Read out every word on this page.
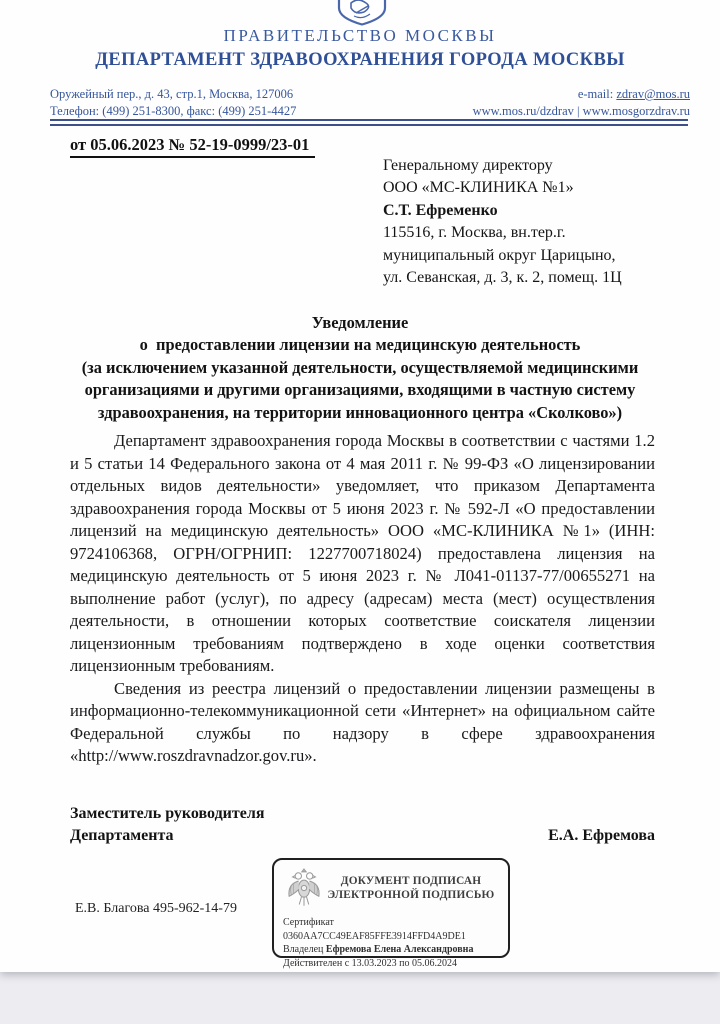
ПРАВИТЕЛЬСТВО МОСКВЫ
ДЕПАРТАМЕНТ ЗДРАВООХРАНЕНИЯ ГОРОДА МОСКВЫ
Оружейный пер., д. 43, стр.1, Москва, 127006
Телефон: (499) 251-8300, факс: (499) 251-4427
e-mail: zdrav@mos.ru
www.mos.ru/dzdrav | www.mosgorzdrav.ru
от 05.06.2023 № 52-19-0999/23-01
Генеральному директору
ООО «МС-КЛИНИКА №1»
С.Т. Ефременко
115516, г. Москва, вн.тер.г.
муниципальный округ Царицыно,
ул. Севанская, д. 3, к. 2, помещ. 1Ц
Уведомление
о  предоставлении лицензии на медицинскую деятельность
(за исключением указанной деятельности, осуществляемой медицинскими организациями и другими организациями, входящими в частную систему здравоохранения, на территории инновационного центра «Сколково»)

Департамент здравоохранения города Москвы в соответствии с частями 1.2 и 5 статьи 14 Федерального закона от 4 мая 2011 г. № 99-ФЗ «О лицензировании отдельных видов деятельности» уведомляет, что приказом Департамента здравоохранения города Москвы от 5 июня 2023 г. № 592-Л «О предоставлении лицензий на медицинскую деятельность» ООО «МС-КЛИНИКА №1» (ИНН: 9724106368, ОГРН/ОГРНИП: 1227700718024) предоставлена лицензия на медицинскую деятельность от 5 июня 2023 г. № Л041-01137-77/00655271 на выполнение работ (услуг), по адресу (адресам) места (мест) осуществления деятельности, в отношении которых соответствие соискателя лицензии лицензионным требованиям подтверждено в ходе оценки соответствия лицензионным требованиям.

Сведения из реестра лицензий о предоставлении лицензии размещены в информационно-телекоммуникационной сети «Интернет» на официальном сайте Федеральной службы по надзору в сфере здравоохранения «http://www.roszdravnadzor.gov.ru».

Заместитель руководителя
Департамента	Е.А. Ефремова
ДОКУМЕНТ ПОДПИСАН
ЭЛЕКТРОННОЙ ПОДПИСЬЮ
Сертификат 0360AA7CC49EAF85FFE3914FFD4A9DE1
Владелец Ефремова Елена Александровна
Действителен с 13.03.2023 по 05.06.2024
Е.В. Благова 495-962-14-79
